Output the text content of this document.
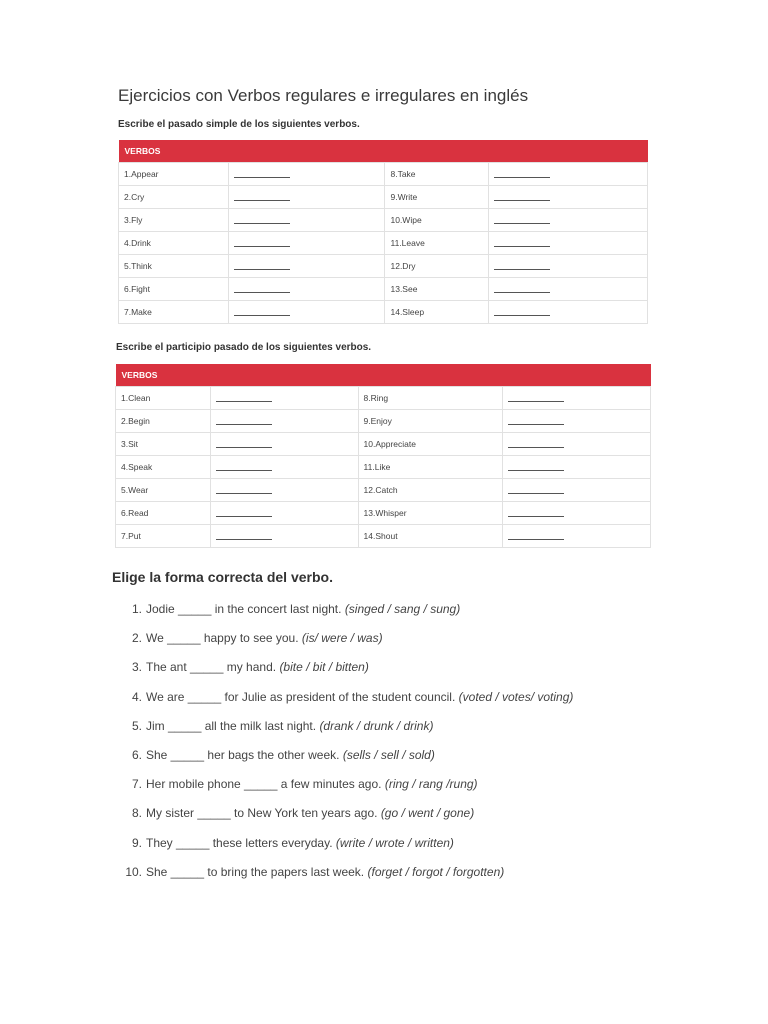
Ejercicios con Verbos regulares e irregulares en inglés

Escribe el pasado simple de los siguientes verbos.

VERBOS			
1.Appear		8.Take	
2.Cry		9.Write	
3.Fly		10.Wipe	
4.Drink		11.Leave	
5.Think		12.Dry	
6.Fight		13.See	
7.Make		14.Sleep	

Escribe el participio pasado de los siguientes verbos.

VERBOS			
1.Clean		8.Ring	
2.Begin		9.Enjoy	
3.Sit		10.Appreciate	
4.Speak		11.Like	
5.Wear		12.Catch	
6.Read		13.Whisper	
7.Put		14.Shout	
Elige la forma correcta del verbo.
1. Jodie _____ in the concert last night. (singed / sang / sung)
2. We _____ happy to see you. (is/ were / was)
3. The ant _____ my hand. (bite / bit / bitten)
4. We are _____ for Julie as president of the student council. (voted / votes/ voting)
5. Jim _____ all the milk last night. (drank / drunk / drink)
6. She _____ her bags the other week. (sells / sell / sold)
7. Her mobile phone _____ a few minutes ago. (ring / rang /rung)
8. My sister _____ to New York ten years ago. (go / went / gone)
9. They _____ these letters everyday. (write / wrote / written)
10. She _____ to bring the papers last week. (forget / forgot / forgotten)
